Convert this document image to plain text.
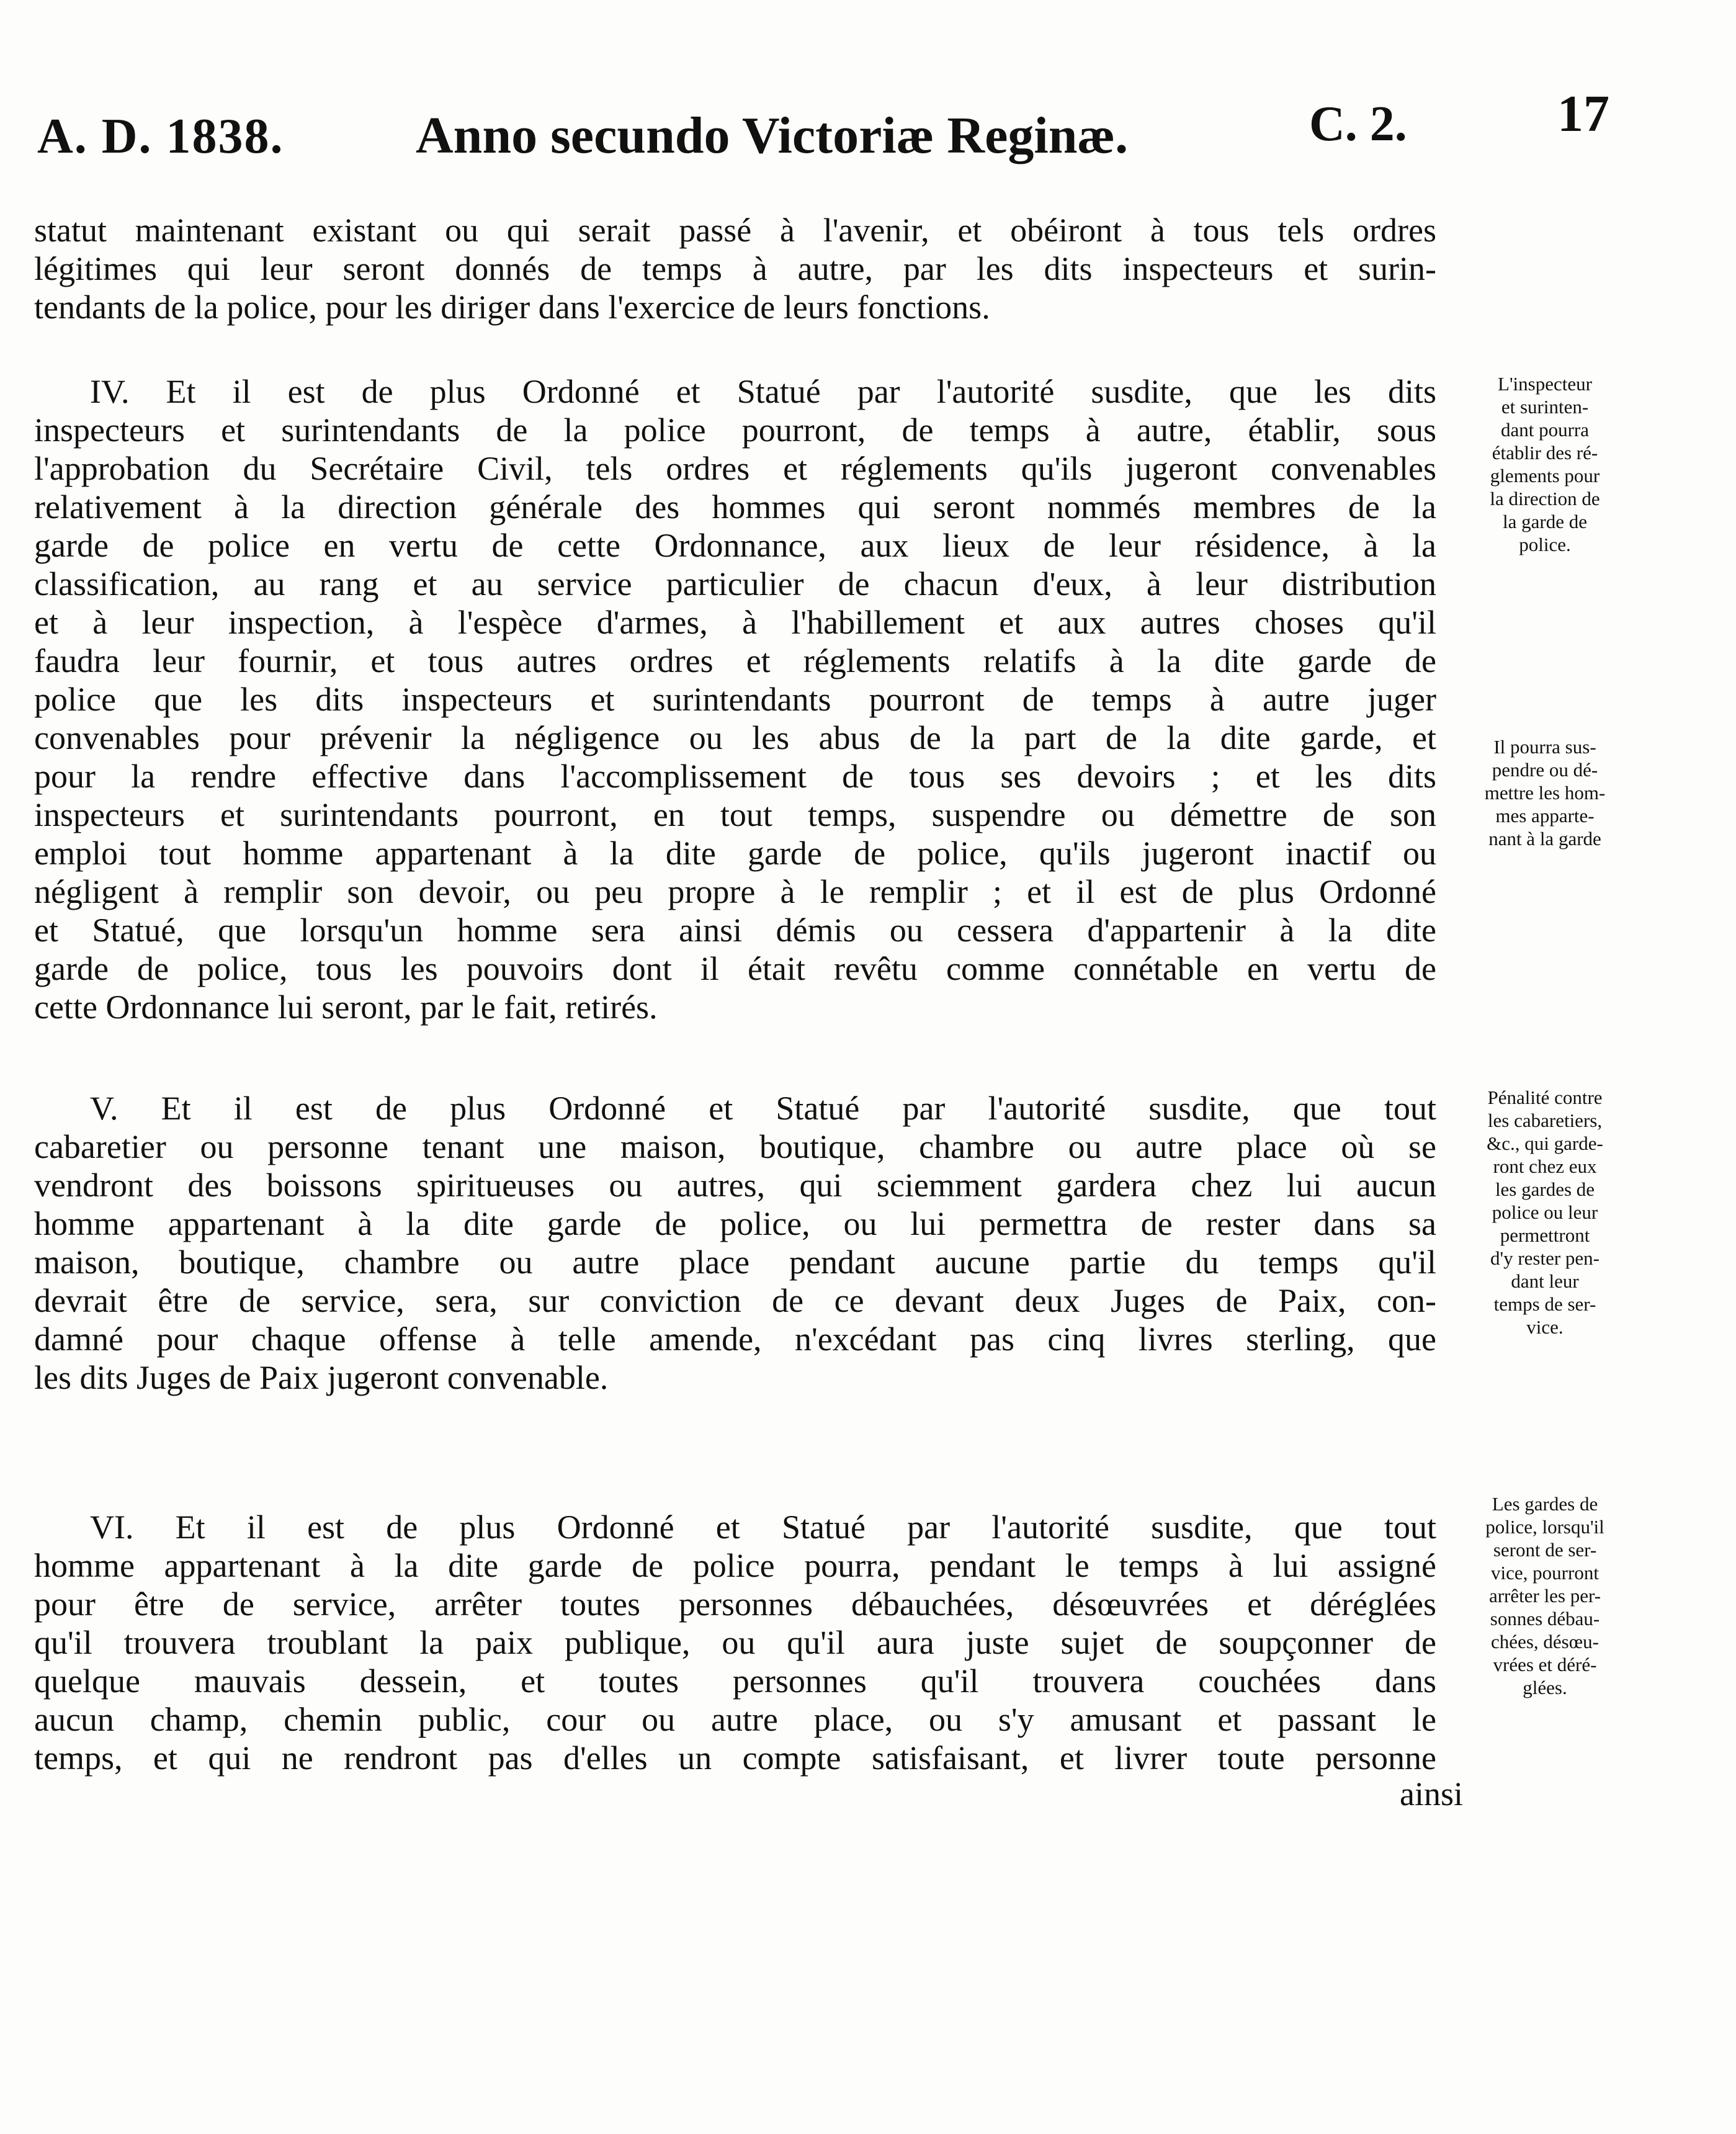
A. D. 1838.	Anno secundo Victoriæ Reginæ.	C. 2.	17
statut maintenant existant ou qui serait passé à l'avenir, et obéiront à tous tels ordres
légitimes qui leur seront donnés de temps à autre, par les dits inspecteurs et surin-
tendants de la police, pour les diriger dans l'exercice de leurs fonctions.
IV. Et il est de plus Ordonné et Statué par l'autorité susdite, que les dits
inspecteurs et surintendants de la police pourront, de temps à autre, établir, sous
l'approbation du Secrétaire Civil, tels ordres et réglements qu'ils jugeront convenables
relativement à la direction générale des hommes qui seront nommés membres de la
garde de police en vertu de cette Ordonnance, aux lieux de leur résidence, à la
classification, au rang et au service particulier de chacun d'eux, à leur distribution
et à leur inspection, à l'espèce d'armes, à l'habillement et aux autres choses qu'il
faudra leur fournir, et tous autres ordres et réglements relatifs à la dite garde de
police que les dits inspecteurs et surintendants pourront de temps à autre juger
convenables pour prévenir la négligence ou les abus de la part de la dite garde, et
pour la rendre effective dans l'accomplissement de tous ses devoirs ; et les dits
inspecteurs et surintendants pourront, en tout temps, suspendre ou démettre de son
emploi tout homme appartenant à la dite garde de police, qu'ils jugeront inactif ou
négligent à remplir son devoir, ou peu propre à le remplir ; et il est de plus Ordonné
et Statué, que lorsqu'un homme sera ainsi démis ou cessera d'appartenir à la dite
garde de police, tous les pouvoirs dont il était revêtu comme connétable en vertu de
cette Ordonnance lui seront, par le fait, retirés.
V. Et il est de plus Ordonné et Statué par l'autorité susdite, que tout
cabaretier ou personne tenant une maison, boutique, chambre ou autre place où se
vendront des boissons spiritueuses ou autres, qui sciemment gardera chez lui aucun
homme appartenant à la dite garde de police, ou lui permettra de rester dans sa
maison, boutique, chambre ou autre place pendant aucune partie du temps qu'il
devrait être de service, sera, sur conviction de ce devant deux Juges de Paix, con-
damné pour chaque offense à telle amende, n'excédant pas cinq livres sterling, que
les dits Juges de Paix jugeront convenable.
VI. Et il est de plus Ordonné et Statué par l'autorité susdite, que tout
homme appartenant à la dite garde de police pourra, pendant le temps à lui assigné
pour être de service, arrêter toutes personnes débauchées, désœuvrées et déréglées
qu'il trouvera troublant la paix publique, ou qu'il aura juste sujet de soupçonner de
quelque mauvais dessein, et toutes personnes qu'il trouvera couchées dans
aucun champ, chemin public, cour ou autre place, ou s'y amusant et passant le
temps, et qui ne rendront pas d'elles un compte satisfaisant, et livrer toute personne
ainsi
L'inspecteur
et surinten-
dant pourra
établir des ré-
glements pour
la direction de
la garde de
police.
Il pourra sus-
pendre ou dé-
mettre les hom-
mes apparte-
nant à la garde
Pénalité contre
les cabaretiers,
&c., qui garde-
ront chez eux
les gardes de
police ou leur
permettront
d'y rester pen-
dant leur
temps de ser-
vice.
Les gardes de
police, lorsqu'il
seront de ser-
vice, pourront
arrêter les per-
sonnes débau-
chées, désœu-
vrées et déré-
glées.
